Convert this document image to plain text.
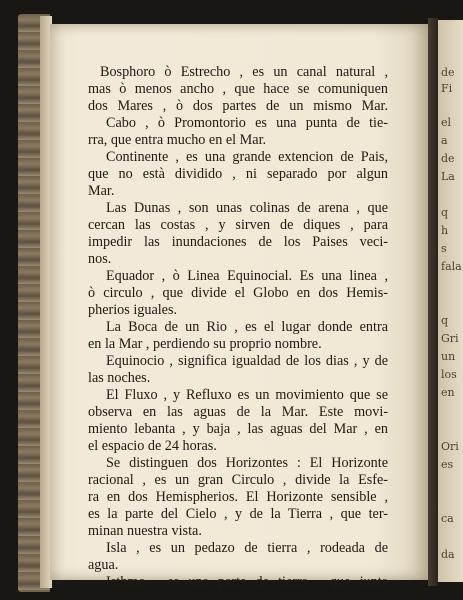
Bosphoro ò Estrecho , es un canal natural ,
mas ò menos ancho , que hace se comuniquen
dos Mares , ò dos partes de un mismo Mar.
Cabo , ò Promontorio es una punta de tie-
rra, que entra mucho en el Mar.
Continente , es una grande extencion de Pais,
que no està dividido , ni separado por algun
Mar.
Las Dunas , son unas colinas de arena , que
cercan las costas , y sirven de diques , para
impedir las inundaciones de los Paises veci-
nos.
Equador , ò Linea Equinocial. Es una linea ,
ò circulo , que divide el Globo en dos Hemis-
pherios iguales.
La Boca de un Rio , es el lugar donde entra
en la Mar , perdiendo su proprio nombre.
Equinocio , significa igualdad de los dias , y de
las noches.
El Fluxo , y Refluxo es un movimiento que se
observa en las aguas de la Mar. Este movi-
miento lebanta , y baja , las aguas del Mar , en
el espacio de 24 horas.
Se distinguen dos Horizontes : El Horizonte
racional , es un gran Circulo , divide la Esfe-
ra en dos Hemispherios. El Horizonte sensible ,
es la parte del Cielo , y de la Tierra , que ter-
minan nuestra vista.
Isla , es un pedazo de tierra , rodeada de
agua.
Isthmo , es una parte de tierra , que junta
de
Fi
el
a
de
La
q
h
s
fala
q
Gri
un
los
en
Ori
es
ca
da
